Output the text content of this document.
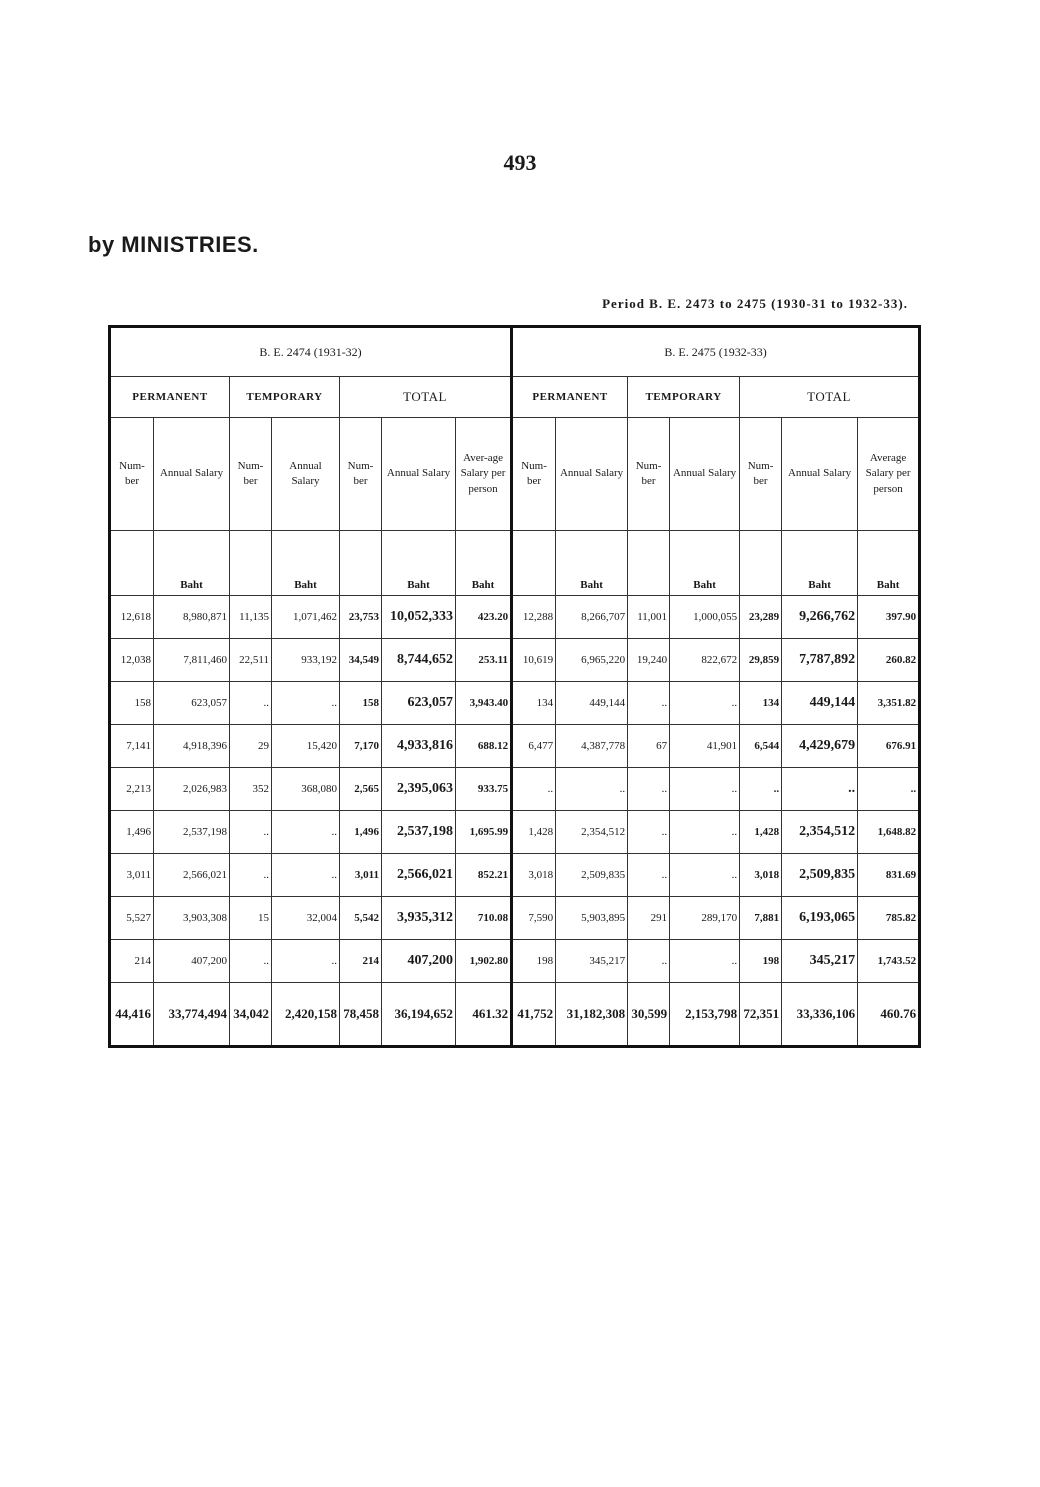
493
by MINISTRIES.
Period B. E. 2473 to 2475 (1930-31 to 1932-33).
B. E. 2474 (1931-32)							B. E. 2475 (1932-33)						
PERMANENT		TEMPORARY		TOTAL			PERMANENT		TEMPORARY		TOTAL		
Num-ber	Annual Salary	Num-ber	Annual Salary	Num-ber	Annual Salary	Aver-age Salary per person	Num-ber	Annual Salary	Num-ber	Annual Salary	Num-ber	Annual Salary	Average Salary per person
	Baht		Baht		Baht	Baht		Baht		Baht		Baht	Baht
12,618	8,980,871	11,135	1,071,462	23,753	10,052,333	423.20	12,288	8,266,707	11,001	1,000,055	23,289	9,266,762	397.90
12,038	7,811,460	22,511	933,192	34,549	8,744,652	253.11	10,619	6,965,220	19,240	822,672	29,859	7,787,892	260.82
158	623,057	..	..	158	623,057	3,943.40	134	449,144	..	..	134	449,144	3,351.82
7,141	4,918,396	29	15,420	7,170	4,933,816	688.12	6,477	4,387,778	67	41,901	6,544	4,429,679	676.91
2,213	2,026,983	352	368,080	2,565	2,395,063	933.75	..	..	..	..	..	..	..
1,496	2,537,198	..	..	1,496	2,537,198	1,695.99	1,428	2,354,512	..	..	1,428	2,354,512	1,648.82
3,011	2,566,021	..	..	3,011	2,566,021	852.21	3,018	2,509,835	..	..	3,018	2,509,835	831.69
5,527	3,903,308	15	32,004	5,542	3,935,312	710.08	7,590	5,903,895	291	289,170	7,881	6,193,065	785.82
214	407,200	..	..	214	407,200	1,902.80	198	345,217	..	..	198	345,217	1,743.52
44,416	33,774,494	34,042	2,420,158	78,458	36,194,652	461.32	41,752	31,182,308	30,599	2,153,798	72,351	33,336,106	460.76
